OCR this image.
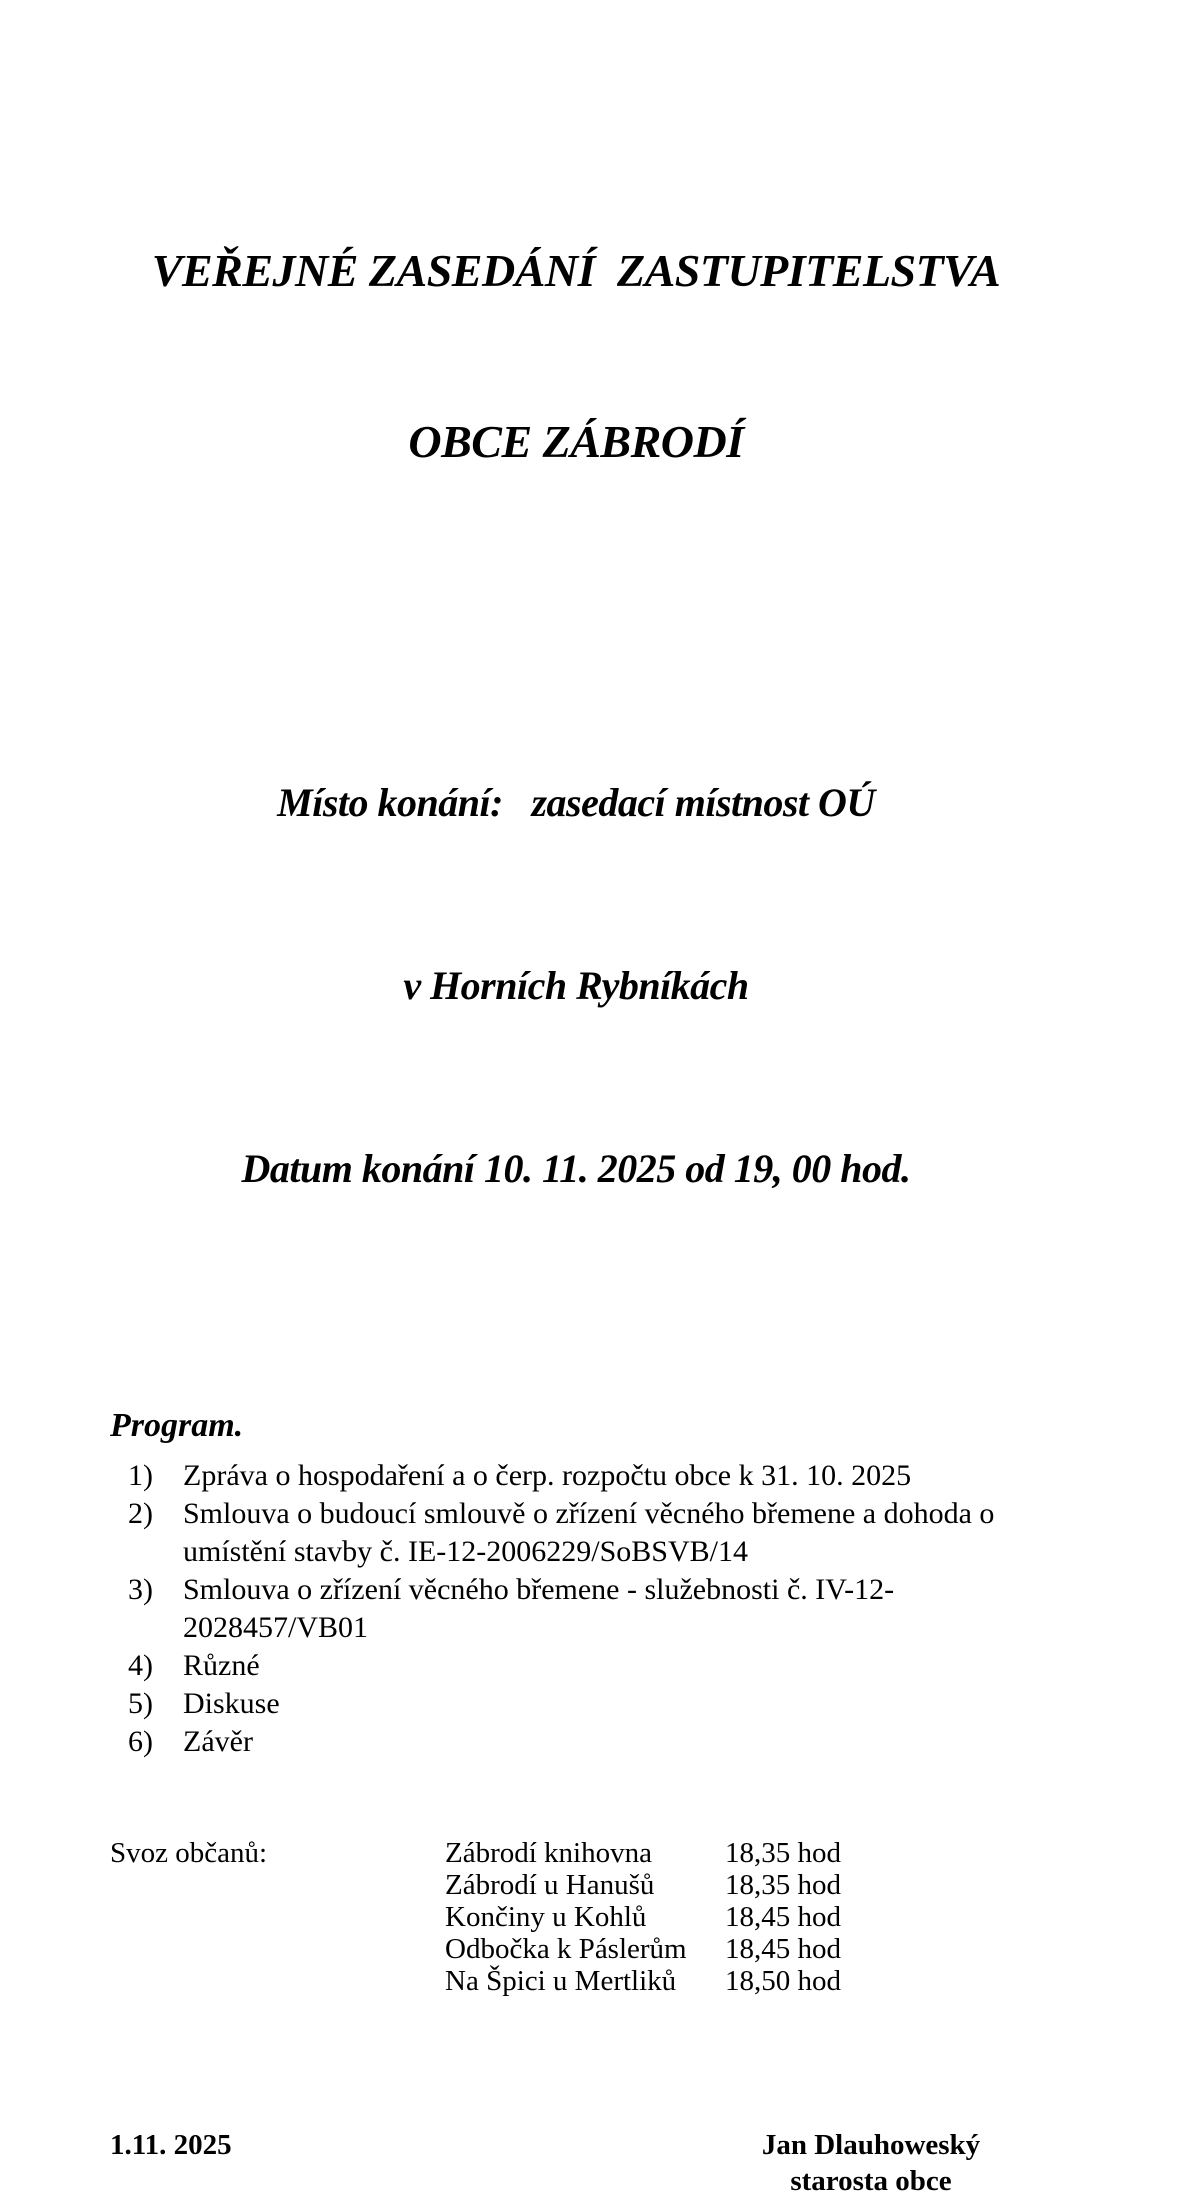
VEŘEJNÉ ZASEDÁNÍ  ZASTUPITELSTVA

OBCE ZÁBRODÍ

Místo konání:   zasedací místnost OÚ

v Horních Rybníkách

Datum konání 10. 11. 2025 od 19, 00 hod.

Program.
1)	Zpráva o hospodaření a o čerp. rozpočtu obce k 31. 10. 2025
2)	Smlouva o budoucí smlouvě o zřízení věcného břemene a dohoda o umístění stavby č. IE-12-2006229/SoBSVB/14
3)	Smlouva o zřízení věcného břemene - služebnosti č. IV-12-2028457/VB01
4)	Různé
5)	Diskuse
6)	Závěr
Svoz občanů:	Zábrodí knihovna	18,35 hod
Zábrodí u Hanušů	18,35 hod
Končiny u Kohlů	18,45 hod
Odbočka k Páslerům	18,45 hod
Na Špici u Mertliků	18,50 hod
1.11. 2025	Jan Dlauhoweský
starosta obce
